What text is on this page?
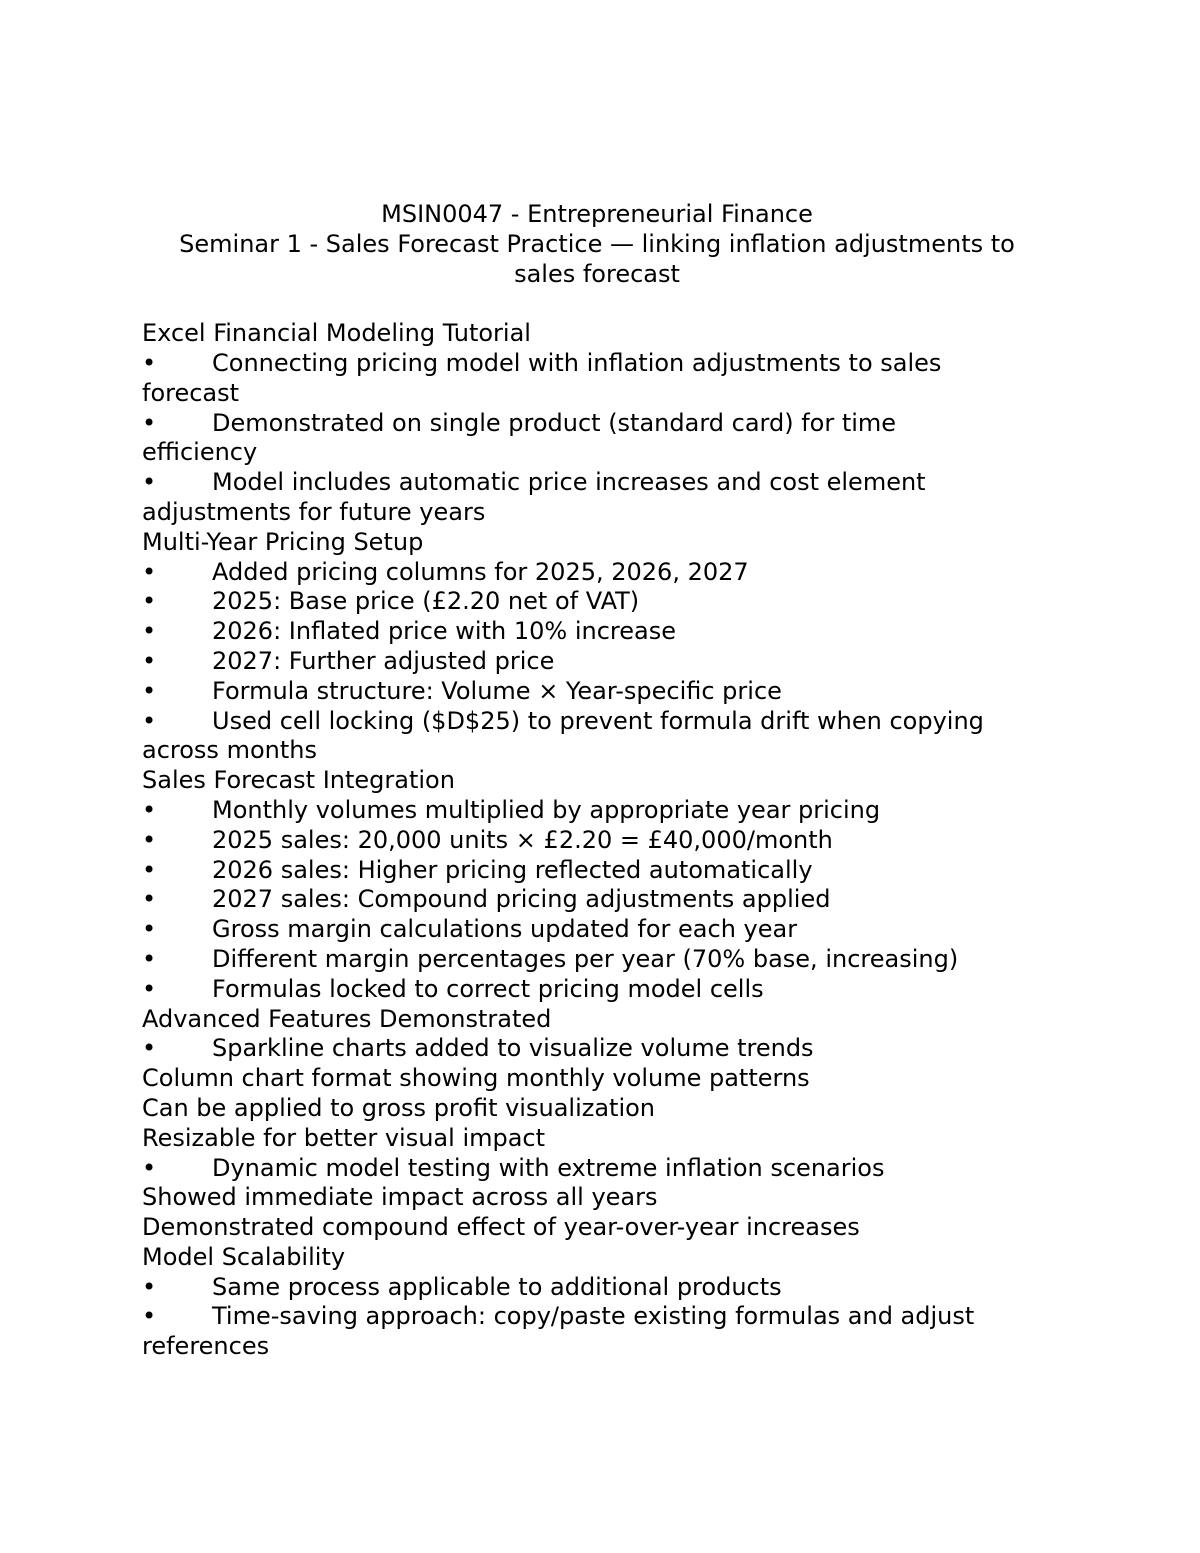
MSIN0047 - Entrepreneurial Finance
Seminar 1 - Sales Forecast Practice — linking inflation adjustments to
sales forecast
Excel Financial Modeling Tutorial
• Connecting pricing model with inflation adjustments to sales
forecast
• Demonstrated on single product (standard card) for time
efficiency
• Model includes automatic price increases and cost element
adjustments for future years
Multi-Year Pricing Setup
• Added pricing columns for 2025, 2026, 2027
• 2025: Base price (£2.20 net of VAT)
• 2026: Inflated price with 10% increase
• 2027: Further adjusted price
• Formula structure: Volume × Year-specific price
• Used cell locking ($D$25) to prevent formula drift when copying
across months
Sales Forecast Integration
• Monthly volumes multiplied by appropriate year pricing
• 2025 sales: 20,000 units × £2.20 = £40,000/month
• 2026 sales: Higher pricing reflected automatically
• 2027 sales: Compound pricing adjustments applied
• Gross margin calculations updated for each year
• Different margin percentages per year (70% base, increasing)
• Formulas locked to correct pricing model cells
Advanced Features Demonstrated
• Sparkline charts added to visualize volume trends
Column chart format showing monthly volume patterns
Can be applied to gross profit visualization
Resizable for better visual impact
• Dynamic model testing with extreme inflation scenarios
Showed immediate impact across all years
Demonstrated compound effect of year-over-year increases
Model Scalability
• Same process applicable to additional products
• Time-saving approach: copy/paste existing formulas and adjust
references
